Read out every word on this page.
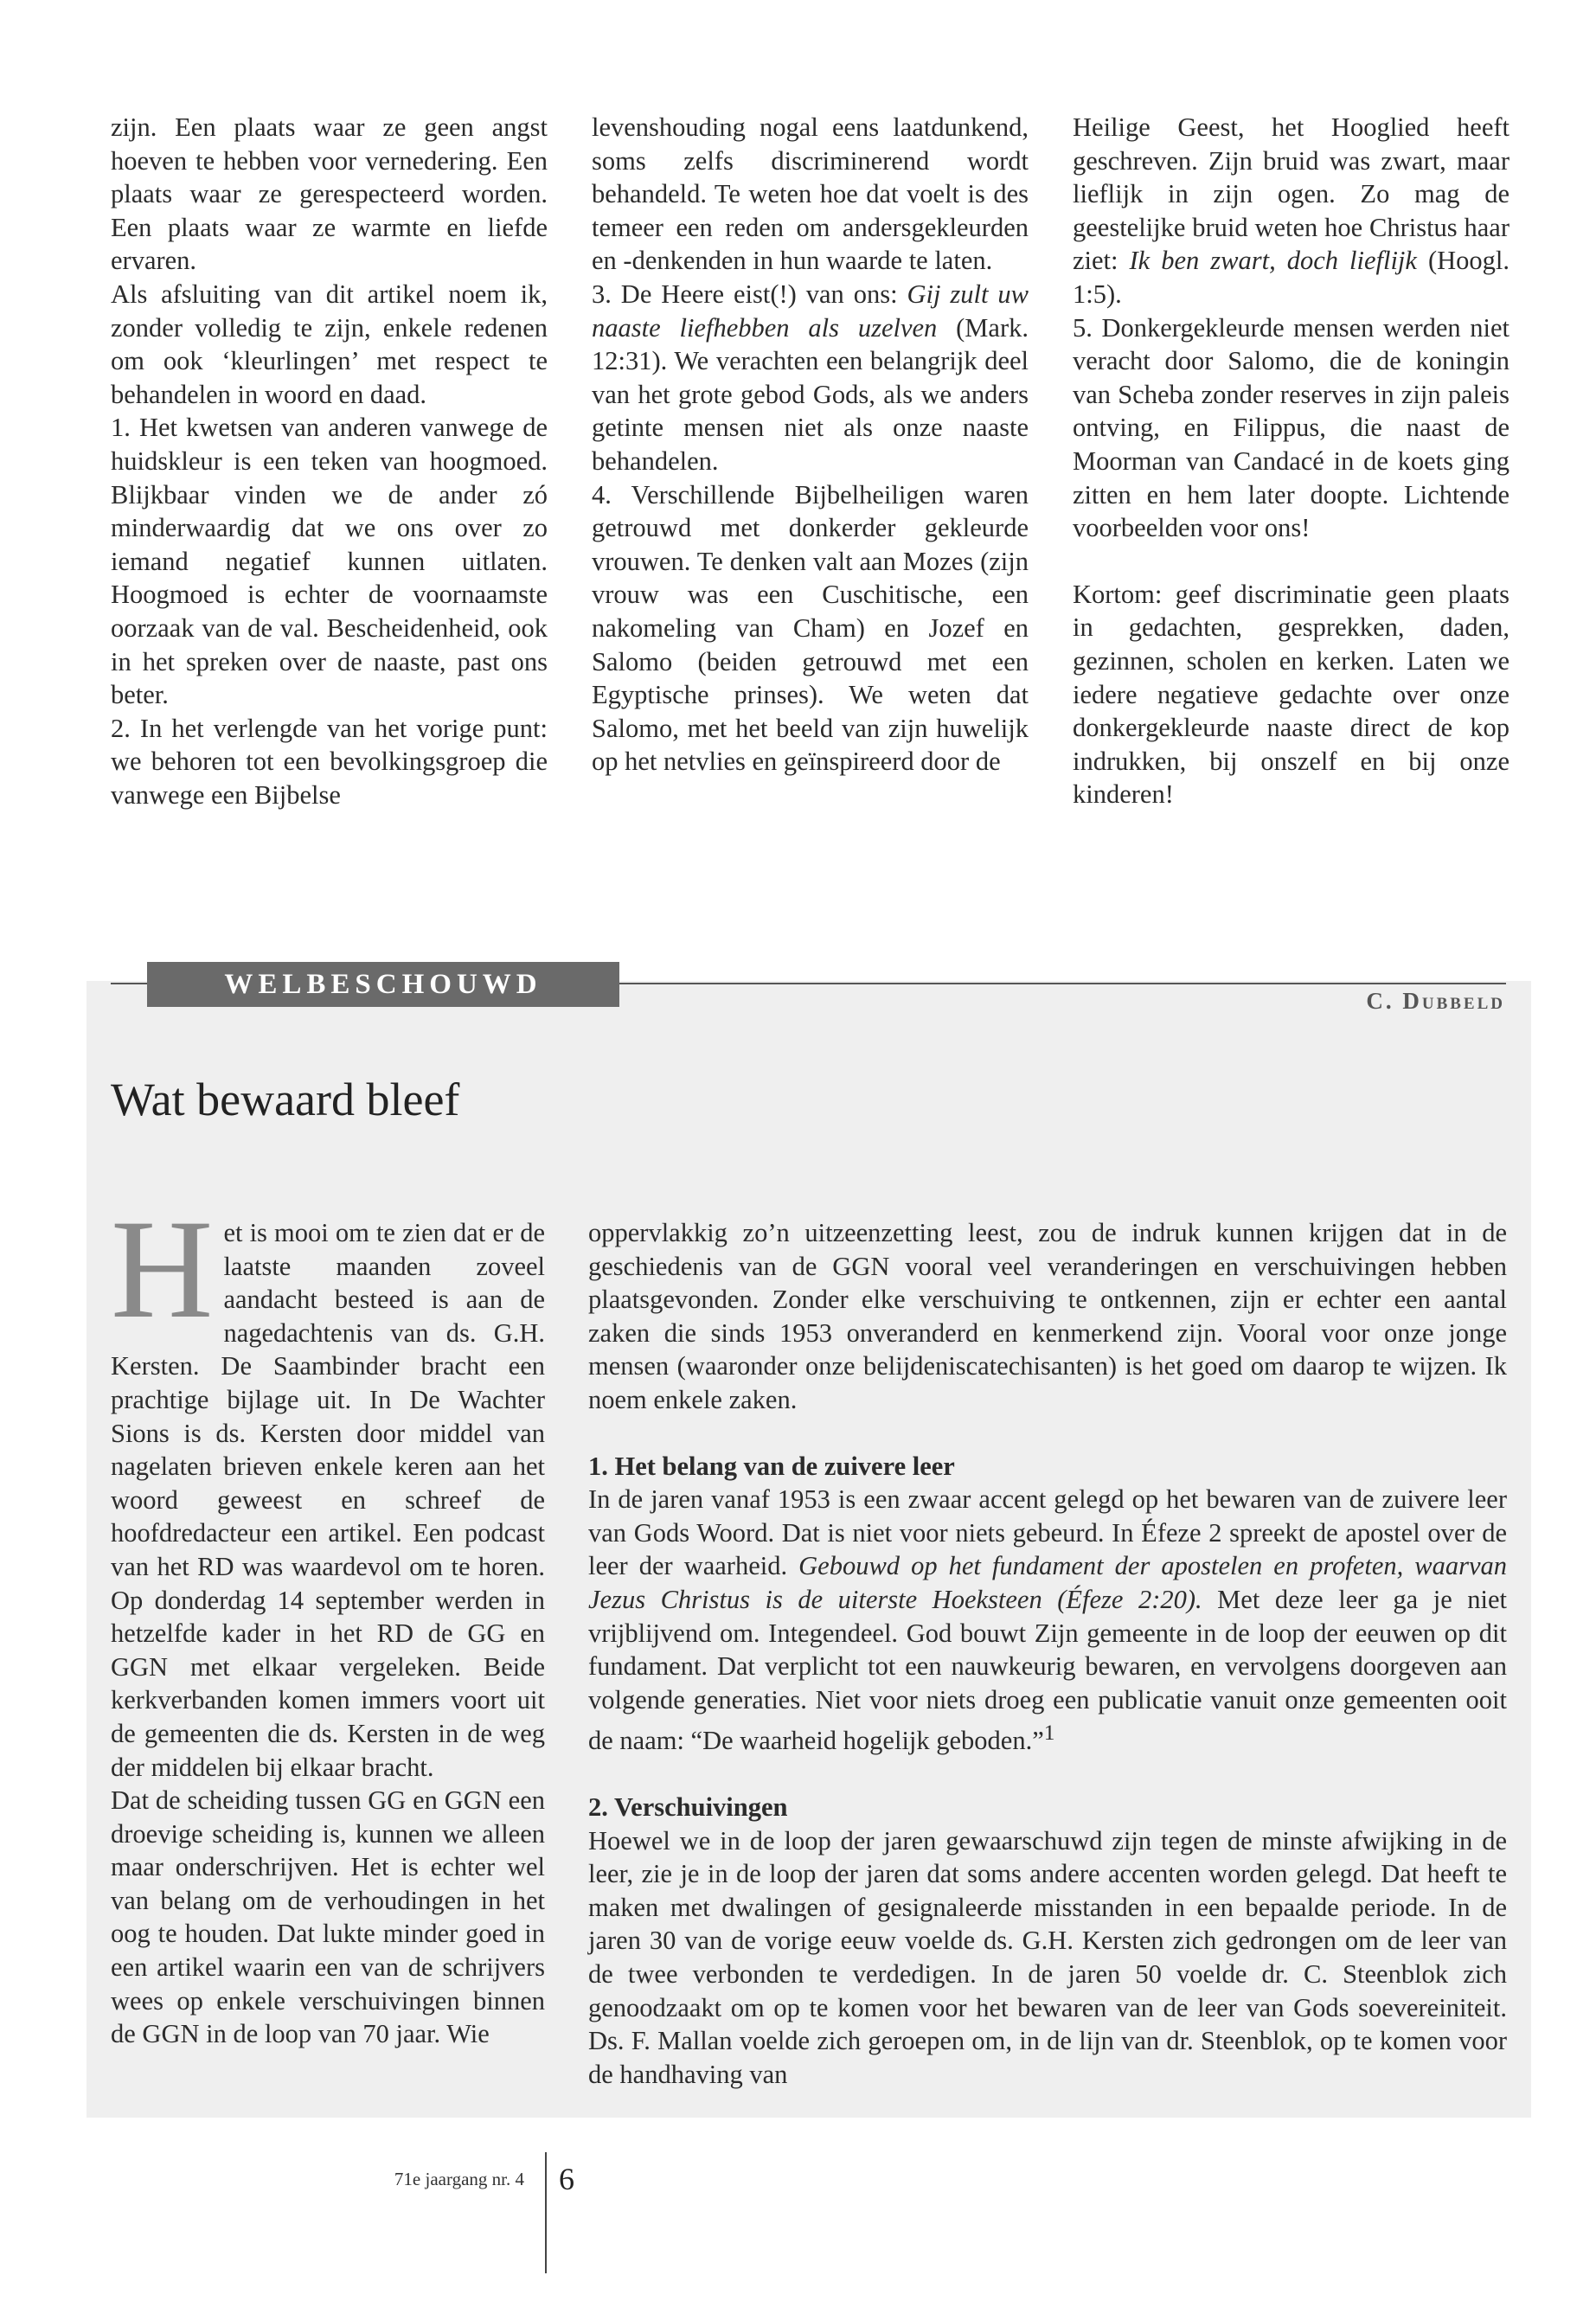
zijn. Een plaats waar ze geen angst hoeven te hebben voor vernedering. Een plaats waar ze gerespecteerd worden. Een plaats waar ze warmte en liefde ervaren.

Als afsluiting van dit artikel noem ik, zonder volledig te zijn, enkele redenen om ook ‘kleurlingen’ met respect te behandelen in woord en daad.

1. Het kwetsen van anderen vanwege de huidskleur is een teken van hoogmoed. Blijkbaar vinden we de ander zó minderwaardig dat we ons over zo iemand negatief kunnen uitlaten. Hoogmoed is echter de voornaamste oorzaak van de val. Bescheidenheid, ook in het spreken over de naaste, past ons beter.

2. In het verlengde van het vorige punt: we behoren tot een bevolkingsgroep die vanwege een Bijbelse

levenshouding nogal eens laatdunkend, soms zelfs discriminerend wordt behandeld. Te weten hoe dat voelt is des temeer een reden om andersgekleurden en -denkenden in hun waarde te laten.

3. De Heere eist(!) van ons: Gij zult uw naaste liefhebben als uzelven (Mark. 12:31). We verachten een belangrijk deel van het grote gebod Gods, als we anders getinte mensen niet als onze naaste behandelen.

4. Verschillende Bijbelheiligen waren getrouwd met donkerder gekleurde vrouwen. Te denken valt aan Mozes (zijn vrouw was een Cuschitische, een nakomeling van Cham) en Jozef en Salomo (beiden getrouwd met een Egyptische prinses). We weten dat Salomo, met het beeld van zijn huwelijk op het netvlies en geïnspireerd door de

Heilige Geest, het Hooglied heeft geschreven. Zijn bruid was zwart, maar lieflijk in zijn ogen. Zo mag de geestelijke bruid weten hoe Christus haar ziet: Ik ben zwart, doch lieflijk (Hoogl. 1:5).

5. Donkergekleurde mensen werden niet veracht door Salomo, die de koningin van Scheba zonder reserves in zijn paleis ontving, en Filippus, die naast de Moorman van Candacé in de koets ging zitten en hem later doopte. Lichtende voorbeelden voor ons!

Kortom: geef discriminatie geen plaats in gedachten, gesprekken, daden, gezinnen, scholen en kerken. Laten we iedere negatieve gedachte over onze donkergekleurde naaste direct de kop indrukken, bij onszelf en bij onze kinderen!

WELBESCHOUWD
C. Dubbeld
Wat bewaard bleef

Het is mooi om te zien dat er de laatste maanden zoveel aandacht besteed is aan de nagedachtenis van ds. G.H. Kersten. De Saambinder bracht een prachtige bijlage uit. In De Wachter Sions is ds. Kersten door middel van nagelaten brieven enkele keren aan het woord geweest en schreef de hoofdredacteur een artikel. Een podcast van het RD was waardevol om te horen. Op donderdag 14 september werden in hetzelfde kader in het RD de GG en GGN met elkaar vergeleken. Beide kerkverbanden komen immers voort uit de gemeenten die ds. Kersten in de weg der middelen bij elkaar bracht.

Dat de scheiding tussen GG en GGN een droevige scheiding is, kunnen we alleen maar onderschrijven. Het is echter wel van belang om de verhoudingen in het oog te houden. Dat lukte minder goed in een artikel waarin een van de schrijvers wees op enkele verschuivingen binnen de GGN in de loop van 70 jaar. Wie

oppervlakkig zo’n uitzeenzetting leest, zou de indruk kunnen krijgen dat in de geschiedenis van de GGN vooral veel veranderingen en verschuivingen hebben plaatsgevonden. Zonder elke verschuiving te ontkennen, zijn er echter een aantal zaken die sinds 1953 onveranderd en kenmerkend zijn. Vooral voor onze jonge mensen (waaronder onze belijdeniscatechisanten) is het goed om daarop te wijzen. Ik noem enkele zaken.

1. Het belang van de zuivere leer

In de jaren vanaf 1953 is een zwaar accent gelegd op het bewaren van de zuivere leer van Gods Woord. Dat is niet voor niets gebeurd. In Éfeze 2 spreekt de apostel over de leer der waarheid. Gebouwd op het fundament der apostelen en profeten, waarvan Jezus Christus is de uiterste Hoeksteen (Éfeze 2:20). Met deze leer ga je niet vrijblijvend om. Integendeel. God bouwt Zijn gemeente in de loop der eeuwen op dit fundament. Dat verplicht tot een nauwkeurig bewaren, en vervolgens doorgeven aan volgende generaties. Niet voor niets droeg een publicatie vanuit onze gemeenten ooit de naam: “De waarheid hogelijk geboden.”$^1$

2. Verschuivingen

Hoewel we in de loop der jaren gewaarschuwd zijn tegen de minste afwijking in de leer, zie je in de loop der jaren dat soms andere accenten worden gelegd. Dat heeft te maken met dwalingen of gesignaleerde misstanden in een bepaalde periode. In de jaren 30 van de vorige eeuw voelde ds. G.H. Kersten zich gedrongen om de leer van de twee verbonden te verdedigen. In de jaren 50 voelde dr. C. Steenblok zich genoodzaakt om op te komen voor het bewaren van de leer van Gods soevereiniteit. Ds. F. Mallan voelde zich geroepen om, in de lijn van dr. Steenblok, op te komen voor de handhaving van

71e jaargang nr. 4 6
